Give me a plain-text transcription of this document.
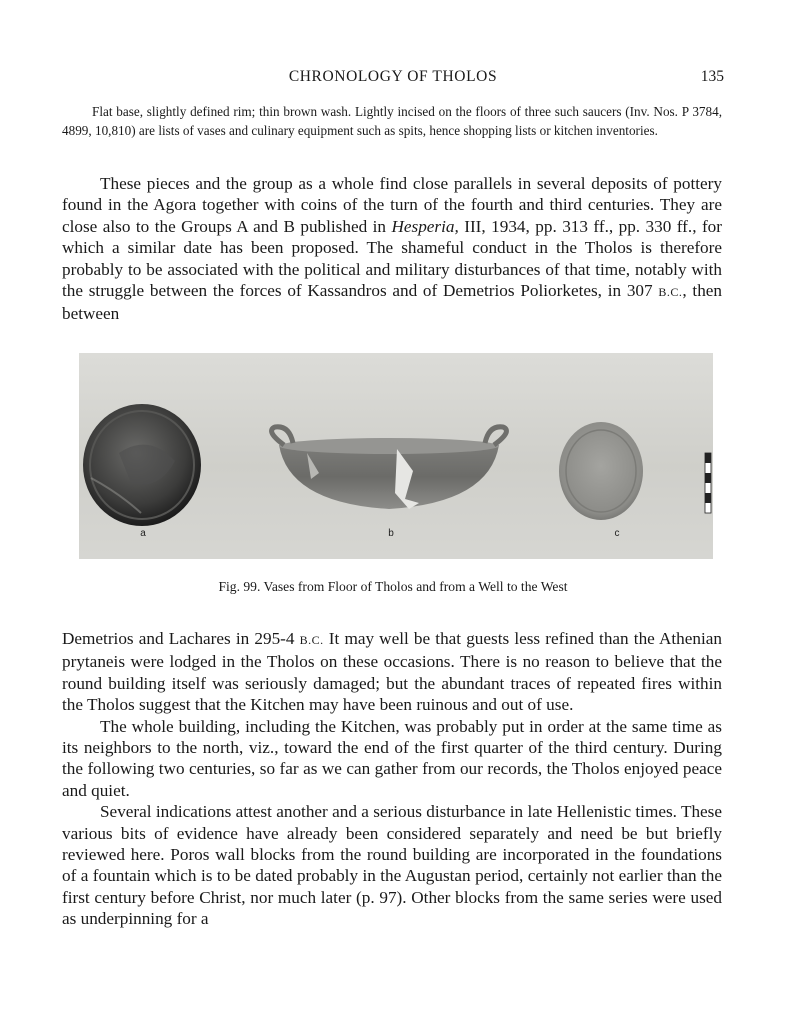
CHRONOLOGY OF THOLOS	135

Flat base, slightly defined rim; thin brown wash. Lightly incised on the floors of three such saucers (Inv. Nos. P 3784, 4899, 10,810) are lists of vases and culinary equipment such as spits, hence shopping lists or kitchen inventories.

These pieces and the group as a whole find close parallels in several deposits of pottery found in the Agora together with coins of the turn of the fourth and third centuries. They are close also to the Groups A and B published in Hesperia, III, 1934, pp. 313 ff., pp. 330 ff., for which a similar date has been proposed. The shameful conduct in the Tholos is therefore probably to be associated with the political and military disturbances of that time, notably with the struggle between the forces of Kassandros and of Demetrios Poliorketes, in 307 B.C., then between

a	b	c
Fig. 99. Vases from Floor of Tholos and from a Well to the West

Demetrios and Lachares in 295-4 B.C. It may well be that guests less refined than the Athenian prytaneis were lodged in the Tholos on these occasions. There is no reason to believe that the round building itself was seriously damaged; but the abundant traces of repeated fires within the Tholos suggest that the Kitchen may have been ruinous and out of use.

The whole building, including the Kitchen, was probably put in order at the same time as its neighbors to the north, viz., toward the end of the first quarter of the third century. During the following two centuries, so far as we can gather from our records, the Tholos enjoyed peace and quiet.

Several indications attest another and a serious disturbance in late Hellenistic times. These various bits of evidence have already been considered separately and need be but briefly reviewed here. Poros wall blocks from the round building are incorporated in the foundations of a fountain which is to be dated probably in the Augustan period, certainly not earlier than the first century before Christ, nor much later (p. 97). Other blocks from the same series were used as underpinning for a
